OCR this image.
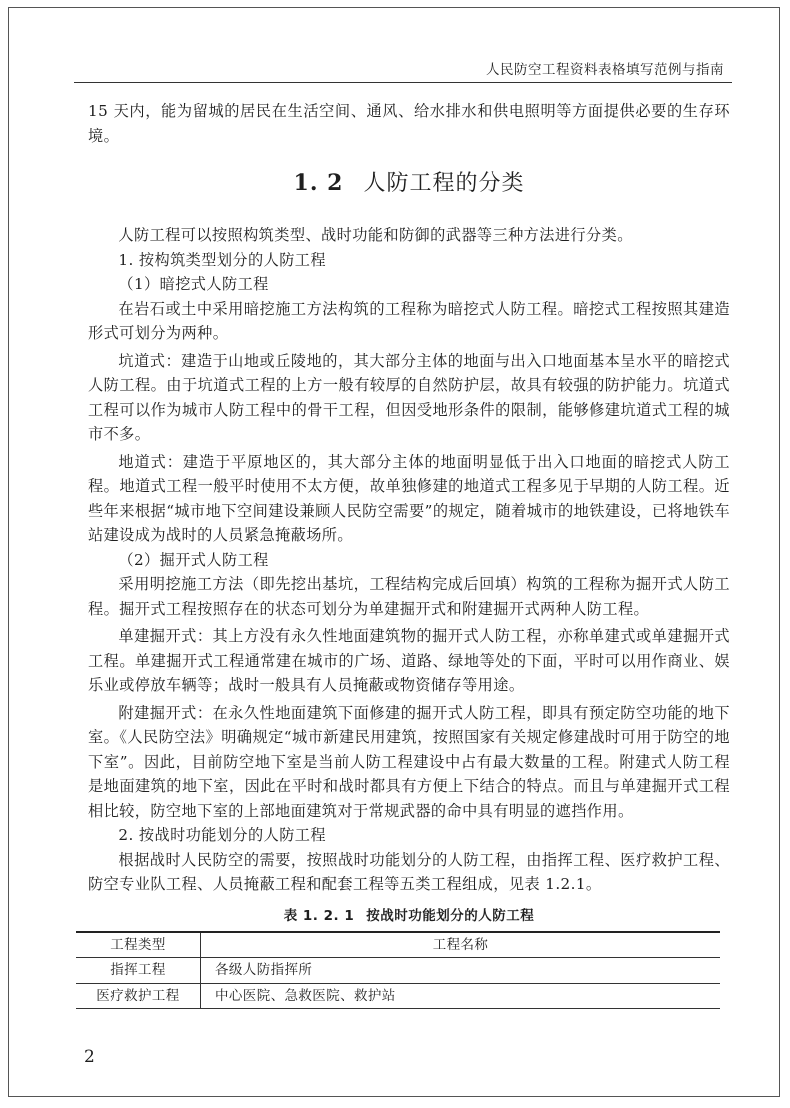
人民防空工程资料表格填写范例与指南

15 天内，能为留城的居民在生活空间、通风、给水排水和供电照明等方面提供必要的生存环境。

1. 2 人防工程的分类

人防工程可以按照构筑类型、战时功能和防御的武器等三种方法进行分类。

1. 按构筑类型划分的人防工程

（1）暗挖式人防工程

在岩石或土中采用暗挖施工方法构筑的工程称为暗挖式人防工程。暗挖式工程按照其建造形式可划分为两种。

坑道式：建造于山地或丘陵地的，其大部分主体的地面与出入口地面基本呈水平的暗挖式人防工程。由于坑道式工程的上方一般有较厚的自然防护层，故具有较强的防护能力。坑道式工程可以作为城市人防工程中的骨干工程，但因受地形条件的限制，能够修建坑道式工程的城市不多。

地道式：建造于平原地区的，其大部分主体的地面明显低于出入口地面的暗挖式人防工程。地道式工程一般平时使用不太方便，故单独修建的地道式工程多见于早期的人防工程。近些年来根据“城市地下空间建设兼顾人民防空需要”的规定，随着城市的地铁建设，已将地铁车站建设成为战时的人员紧急掩蔽场所。

（2）掘开式人防工程

采用明挖施工方法（即先挖出基坑，工程结构完成后回填）构筑的工程称为掘开式人防工程。掘开式工程按照存在的状态可划分为单建掘开式和附建掘开式两种人防工程。

单建掘开式：其上方没有永久性地面建筑物的掘开式人防工程，亦称单建式或单建掘开式工程。单建掘开式工程通常建在城市的广场、道路、绿地等处的下面，平时可以用作商业、娱乐业或停放车辆等；战时一般具有人员掩蔽或物资储存等用途。

附建掘开式：在永久性地面建筑下面修建的掘开式人防工程，即具有预定防空功能的地下室。《人民防空法》明确规定“城市新建民用建筑，按照国家有关规定修建战时可用于防空的地下室”。因此，目前防空地下室是当前人防工程建设中占有最大数量的工程。附建式人防工程是地面建筑的地下室，因此在平时和战时都具有方便上下结合的特点。而且与单建掘开式工程相比较，防空地下室的上部地面建筑对于常规武器的命中具有明显的遮挡作用。

2. 按战时功能划分的人防工程

根据战时人民防空的需要，按照战时功能划分的人防工程，由指挥工程、医疗救护工程、防空专业队工程、人员掩蔽工程和配套工程等五类工程组成，见表 1.2.1。

表 1. 2. 1 按战时功能划分的人防工程
工程类型	工程名称
指挥工程	各级人防指挥所
医疗救护工程	中心医院、急救医院、救护站
2
